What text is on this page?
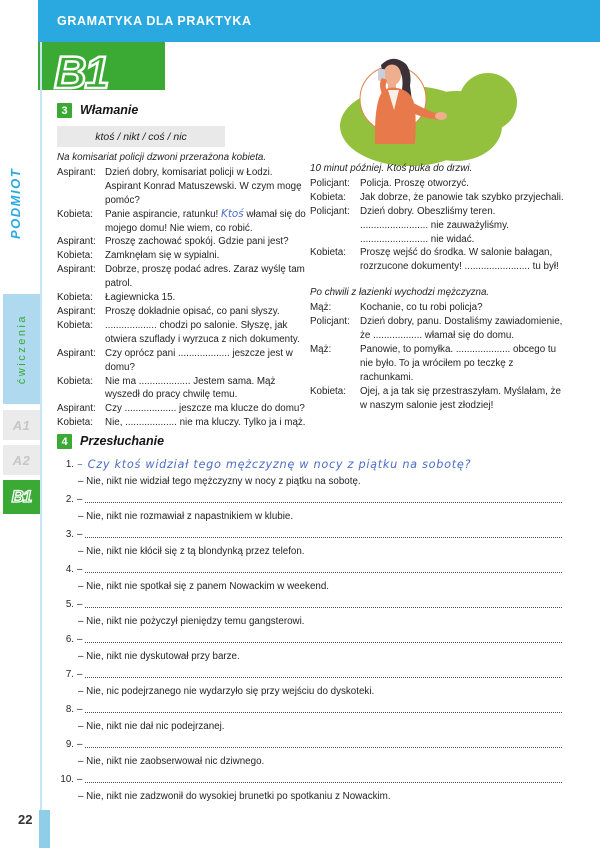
GRAMATYKA DLA PRAKTYKA
B1
PODMIOT
ćwiczenia
A1
A2
B1
3 Włamanie
ktoś / nikt / coś / nic
Na komisariat policji dzwoni przerażona kobieta.
Aspirant: Dzień dobry, komisariat policji w Łodzi. Aspirant Konrad Matuszewski. W czym mogę pomóc?
Kobieta:	Panie aspirancie, ratunku! Ktoś włamał się do mojego domu! Nie wiem, co robić.
Aspirant: Proszę zachować spokój. Gdzie pani jest?
Kobieta:	Zamknęłam się w sypialni.
Aspirant: Dobrze, proszę podać adres. Zaraz wyślę tam patrol.
Kobieta:	Łagiewnicka 15.
Aspirant: Proszę dokładnie opisać, co pani słyszy.
Kobieta:	................... chodzi po salonie. Słyszę, jak otwiera szuflady i wyrzuca z nich dokumenty.
Aspirant: Czy oprócz pani ................... jeszcze jest w domu?
Kobieta:	Nie ma ................... Jestem sama. Mąż wyszedł do pracy chwilę temu.
Aspirant: Czy ................... jeszcze ma klucze do domu?
Kobieta:	Nie, ................... nie ma kluczy. Tylko ja i mąż.
10 minut później. Ktoś puka do drzwi.
Policjant:	Policja. Proszę otworzyć.
Kobieta:	Jak dobrze, że panowie tak szybko przyjechali.
Policjant:	Dzień dobry. Obeszliśmy teren. ......................... nie zauważyliśmy. ......................... nie widać.
Kobieta:	Proszę wejść do środka. W salonie bałagan, rozrzucone dokumenty! ........................ tu był!
Po chwili z łazienki wychodzi mężczyzna.
Mąż:	Kochanie, co tu robi policja?
Policjant:	Dzień dobry, panu. Dostaliśmy zawiadomienie, że .................. włamał się do domu.
Mąż:	Panowie, to pomyłka. .................... obcego tu nie było. To ja wróciłem po teczkę z rachunkami.
Kobieta:	Ojej, a ja tak się przestraszyłam. Myślałam, że w naszym salonie jest złodziej!
4 Przesłuchanie
1. – Czy ktoś widział tego mężczyznę w nocy z piątku na sobotę?
– Nie, nikt nie widział tego mężczyzny w nocy z piątku na sobotę.
2. –
– Nie, nikt nie rozmawiał z napastnikiem w klubie.
3. –
– Nie, nikt nie kłócił się z tą blondynką przez telefon.
4. –
– Nie, nikt nie spotkał się z panem Nowackim w weekend.
5. –
– Nie, nikt nie pożyczył pieniędzy temu gangsterowi.
6. –
– Nie, nikt nie dyskutował przy barze.
7. –
– Nie, nic podejrzanego nie wydarzyło się przy wejściu do dyskoteki.
8. –
– Nie, nikt nie dał nic podejrzanej.
9. –
– Nie, nikt nie zaobserwował nic dziwnego.
10. –
– Nie, nikt nie zadzwonił do wysokiej brunetki po spotkaniu z Nowackim.
22
